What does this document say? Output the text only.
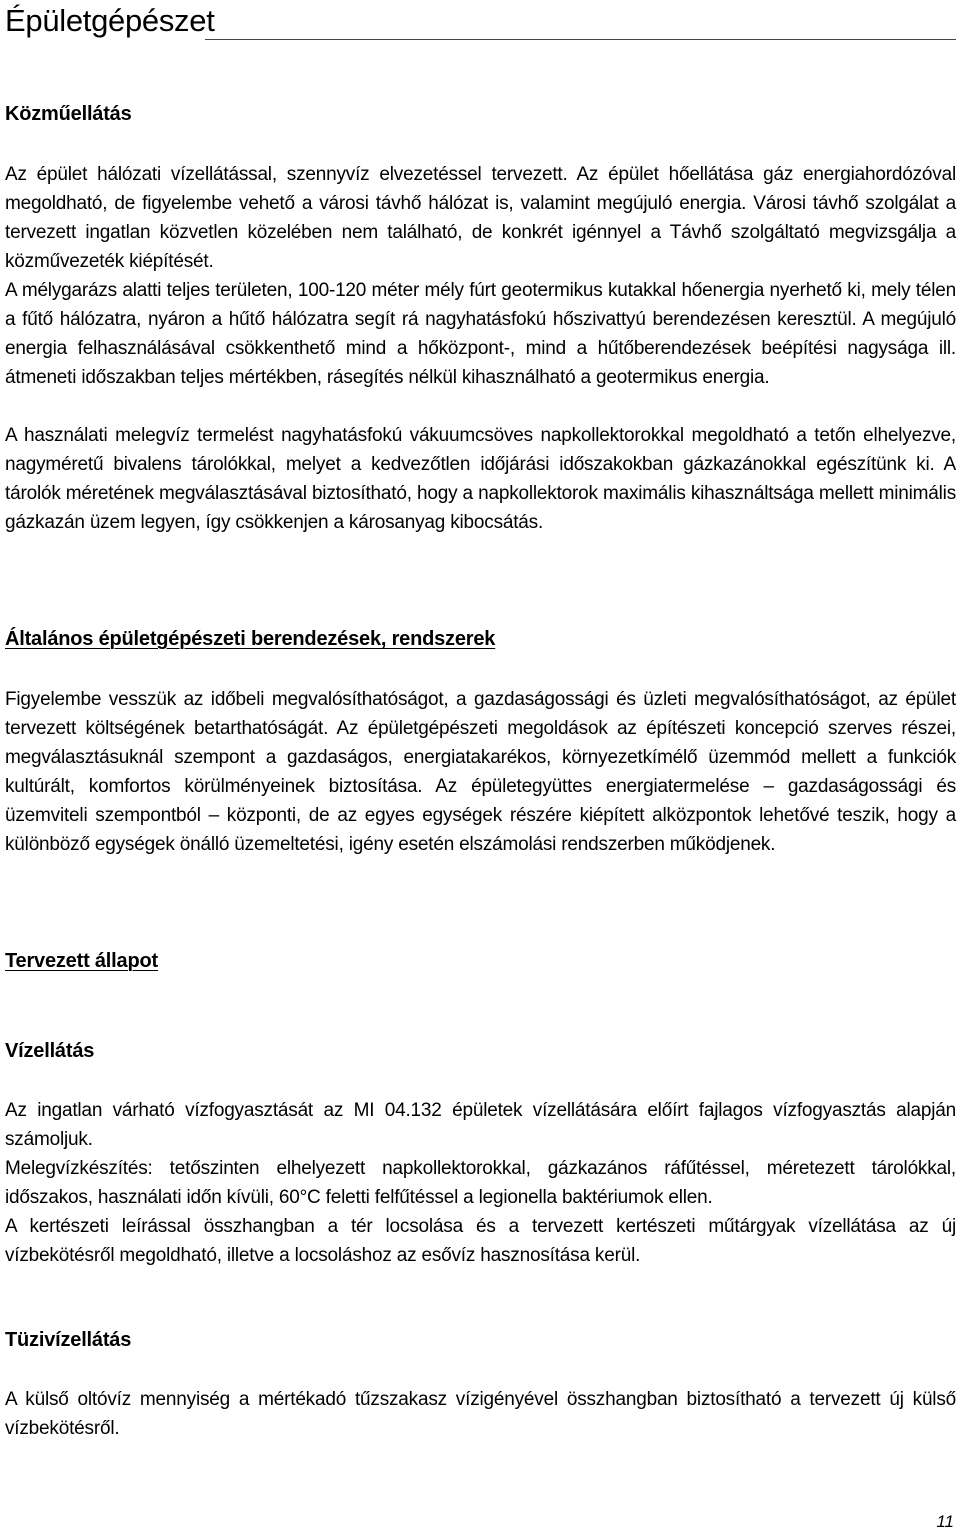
Épületgépészet
Közműellátás
Az épület hálózati vízellátással, szennyvíz elvezetéssel tervezett. Az épület hőellátása gáz energiahordózóval megoldható, de figyelembe vehető a városi távhő hálózat is, valamint megújuló energia. Városi távhő szolgálat a tervezett ingatlan közvetlen közelében nem található, de konkrét igénnyel a Távhő szolgáltató megvizsgálja a közművezeték kiépítését.
A mélygarázs alatti teljes területen, 100-120 méter mély fúrt geotermikus kutakkal hőenergia nyerhető ki, mely télen a fűtő hálózatra, nyáron a hűtő hálózatra segít rá nagyhatásfokú hőszivattyú berendezésen keresztül. A megújuló energia felhasználásával csökkenthető mind a hőközpont-, mind a hűtőberendezések beépítési nagysága ill. átmeneti időszakban teljes mértékben, rásegítés nélkül kihasználható a geotermikus energia.
A használati melegvíz termelést nagyhatásfokú vákuumcsöves napkollektorokkal megoldható a tetőn elhelyezve, nagyméretű bivalens tárolókkal, melyet a kedvezőtlen időjárási időszakokban gázkazánokkal egészítünk ki. A tárolók méretének megválasztásával biztosítható, hogy a napkollektorok maximális kihasználtsága mellett minimális gázkazán üzem legyen, így csökkenjen a károsanyag kibocsátás.
Általános épületgépészeti berendezések, rendszerek
Figyelembe vesszük az időbeli megvalósíthatóságot, a gazdaságossági és üzleti megvalósíthatóságot, az épület tervezett költségének betarthatóságát. Az épületgépészeti megoldások az építészeti koncepció szerves részei, megválasztásuknál szempont a gazdaságos, energiatakarékos, környezetkímélő üzemmód mellett a funkciók kultúrált, komfortos körülményeinek biztosítása. Az épületegyüttes energiatermelése – gazdaságossági és üzemviteli szempontból – központi, de az egyes egységek részére kiépített alközpontok lehetővé teszik, hogy a különböző egységek önálló üzemeltetési, igény esetén elszámolási rendszerben működjenek.
Tervezett állapot
Vízellátás
Az ingatlan várható vízfogyasztását az MI 04.132 épületek vízellátására előírt fajlagos vízfogyasztás alapján számoljuk.
Melegvízkészítés: tetőszinten elhelyezett napkollektorokkal, gázkazános ráfűtéssel, méretezett tárolókkal, időszakos, használati időn kívüli, 60°C feletti felfűtéssel a legionella baktériumok ellen.
A kertészeti leírással összhangban a tér locsolása és a tervezett kertészeti műtárgyak vízellátása az új vízbekötésről megoldható, illetve a locsoláshoz az esővíz hasznosítása kerül.
Tüzivízellátás
A külső oltóvíz mennyiség a mértékadó tűzszakasz vízigényével összhangban biztosítható a tervezett új külső vízbekötésről.
11
